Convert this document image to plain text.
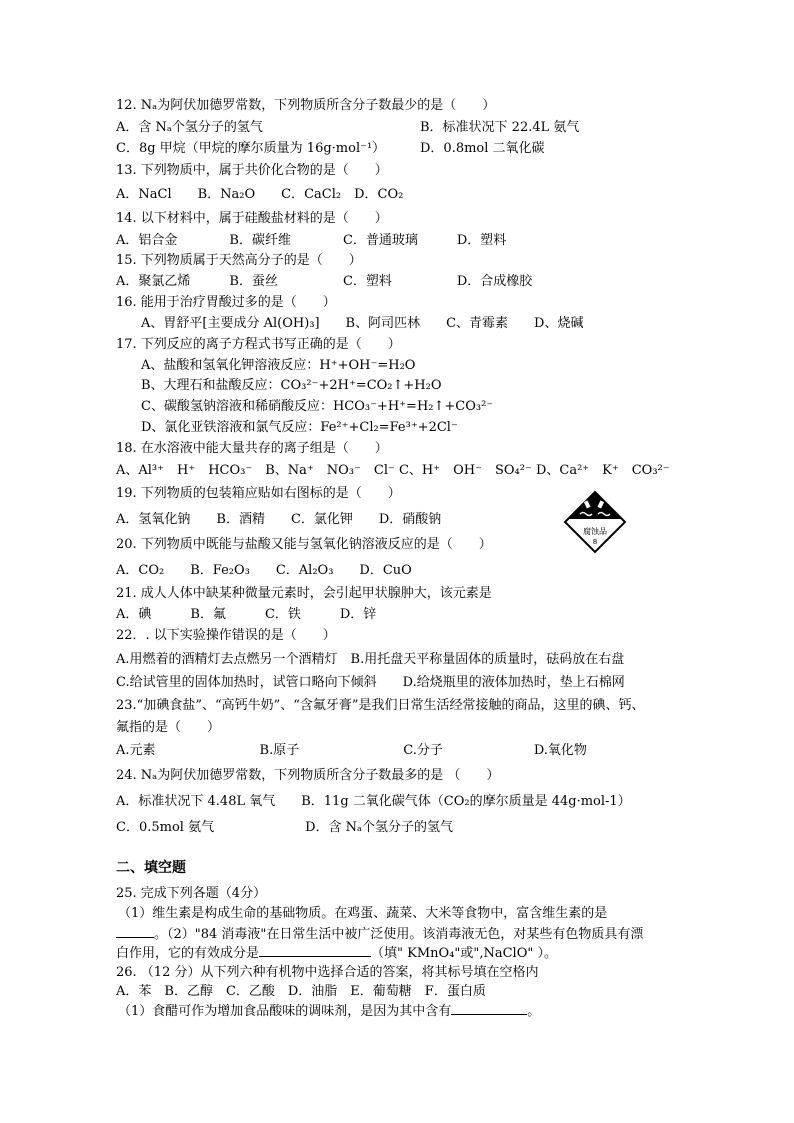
12. Nₐ为阿伏加德罗常数，下列物质所含分子数最少的是（　　）
A．含 Nₐ个氢分子的氢气	B．标准状况下 22.4L 氨气
C．8g 甲烷（甲烷的摩尔质量为 16g·mol⁻¹）	D．0.8mol 二氧化碳
13. 下列物质中，属于共价化合物的是（　　）
A．NaCl　　B．Na₂O　　C．CaCl₂　D．CO₂
14. 以下材料中，属于硅酸盐材料的是（　　）
A．铝合金　　　　B．碳纤维　　　　C．普通玻璃　　　D．塑料
15. 下列物质属于天然高分子的是（　　）
A．聚氯乙烯　　　B．蚕丝　　　　　C．塑料　　　　　D．合成橡胶
16. 能用于治疗胃酸过多的是（　　）
A、胃舒平[主要成分 Al(OH)₃]　　B、阿司匹林　　C、青霉素　　D、烧碱
17. 下列反应的离子方程式书写正确的是（　　）
A、盐酸和氢氧化钾溶液反应：H⁺+OH⁻=H₂O
B、大理石和盐酸反应：CO₃²⁻+2H⁺=CO₂↑+H₂O
C、碳酸氢钠溶液和稀硝酸反应：HCO₃⁻+H⁺=H₂↑+CO₃²⁻
D、氯化亚铁溶液和氯气反应：Fe²⁺+Cl₂=Fe³⁺+2Cl⁻
18. 在水溶液中能大量共存的离子组是（　　）
A、Al³⁺　H⁺　HCO₃⁻　B、Na⁺　NO₃⁻　Cl⁻ C、H⁺　OH⁻　SO₄²⁻ D、Ca²⁺　K⁺　CO₃²⁻
19. 下列物质的包装箱应贴如右图标的是（　　）
A．氢氧化钠　　B．酒精　　C．氯化钾　　D．硝酸钠
腐蚀品
8
20. 下列物质中既能与盐酸又能与氢氧化钠溶液反应的是（　　）
A．CO₂　　B．Fe₂O₃　　C．Al₂O₃　　D．CuO
21. 成人人体中缺某种微量元素时，会引起甲状腺肿大，该元素是
A．碘　　　B．氟　　　C．铁　　　D．锌
22．. 以下实验操作错误的是（　　）
A.用燃着的酒精灯去点燃另一个酒精灯　B.用托盘天平称量固体的质量时，砝码放在右盘
C.给试管里的固体加热时，试管口略向下倾斜　　D.给烧瓶里的液体加热时，垫上石棉网
23.“加碘食盐”、“高钙牛奶”、“含氟牙膏”是我们日常生活经常接触的商品，这里的碘、钙、
氟指的是（　　）
A.元素　　　　　　　　B.原子　　　　　　　　C.分子　　　　　　　D.氧化物
24. Nₐ为阿伏加德罗常数，下列物质所含分子数最多的是 （　　）
A．标准状况下 4.48L 氧气　　B．11g 二氧化碳气体（CO₂的摩尔质量是 44g·mol-1）
C．0.5mol 氨气　　　　　　　D．含 Nₐ个氢分子的氢气
二、填空题
25. 完成下列各题（4分）
（1）维生素是构成生命的基础物质。在鸡蛋、蔬菜、大米等食物中，富含维生素的是
。（2）"84 消毒液"在日常生活中被广泛使用。该消毒液无色，对某些有色物质具有漂
白作用，它的有效成分是	（填" KMnO₄"或",NaClO" ）。
26. （12 分）从下列六种有机物中选择合适的答案，将其标号填在空格内
A．苯　B．乙醇　C．乙酸　D．油脂　E．葡萄糖　F．蛋白质
（1）食醋可作为增加食品酸味的调味剂，是因为其中含有	。
